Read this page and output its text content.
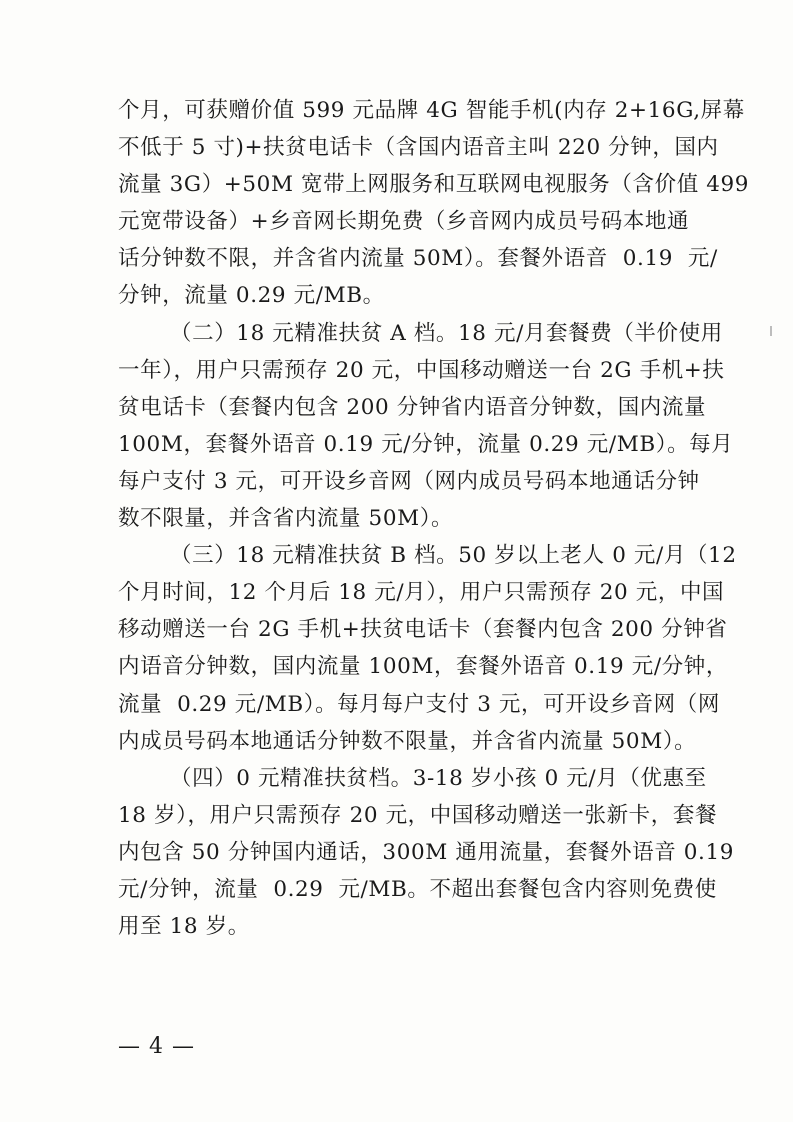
个月，可获赠价值 599 元品牌 4G 智能手机(内存 2+16G,屏幕
不低于 5 寸)+扶贫电话卡（含国内语音主叫 220 分钟，国内
流量 3G）+50M 宽带上网服务和互联网电视服务（含价值 499
元宽带设备）+乡音网长期免费（乡音网内成员号码本地通
话分钟数不限，并含省内流量 50M）。套餐外语音  0.19  元/
分钟，流量 0.29 元/MB。
（二）18 元精准扶贫 A 档。18 元/月套餐费（半价使用
一年），用户只需预存 20 元，中国移动赠送一台 2G 手机+扶
贫电话卡（套餐内包含 200 分钟省内语音分钟数，国内流量
100M，套餐外语音 0.19 元/分钟，流量 0.29 元/MB）。每月
每户支付 3 元，可开设乡音网（网内成员号码本地通话分钟
数不限量，并含省内流量 50M）。
（三）18 元精准扶贫 B 档。50 岁以上老人 0 元/月（12
个月时间，12 个月后 18 元/月），用户只需预存 20 元，中国
移动赠送一台 2G 手机+扶贫电话卡（套餐内包含 200 分钟省
内语音分钟数，国内流量 100M，套餐外语音 0.19 元/分钟，
流量  0.29 元/MB）。每月每户支付 3 元，可开设乡音网（网
内成员号码本地通话分钟数不限量，并含省内流量 50M）。
（四）0 元精准扶贫档。3-18 岁小孩 0 元/月（优惠至
18 岁），用户只需预存 20 元，中国移动赠送一张新卡，套餐
内包含 50 分钟国内通话，300M 通用流量，套餐外语音 0.19
元/分钟，流量  0.29  元/MB。不超出套餐包含内容则免费使
用至 18 岁。
— 4 —
